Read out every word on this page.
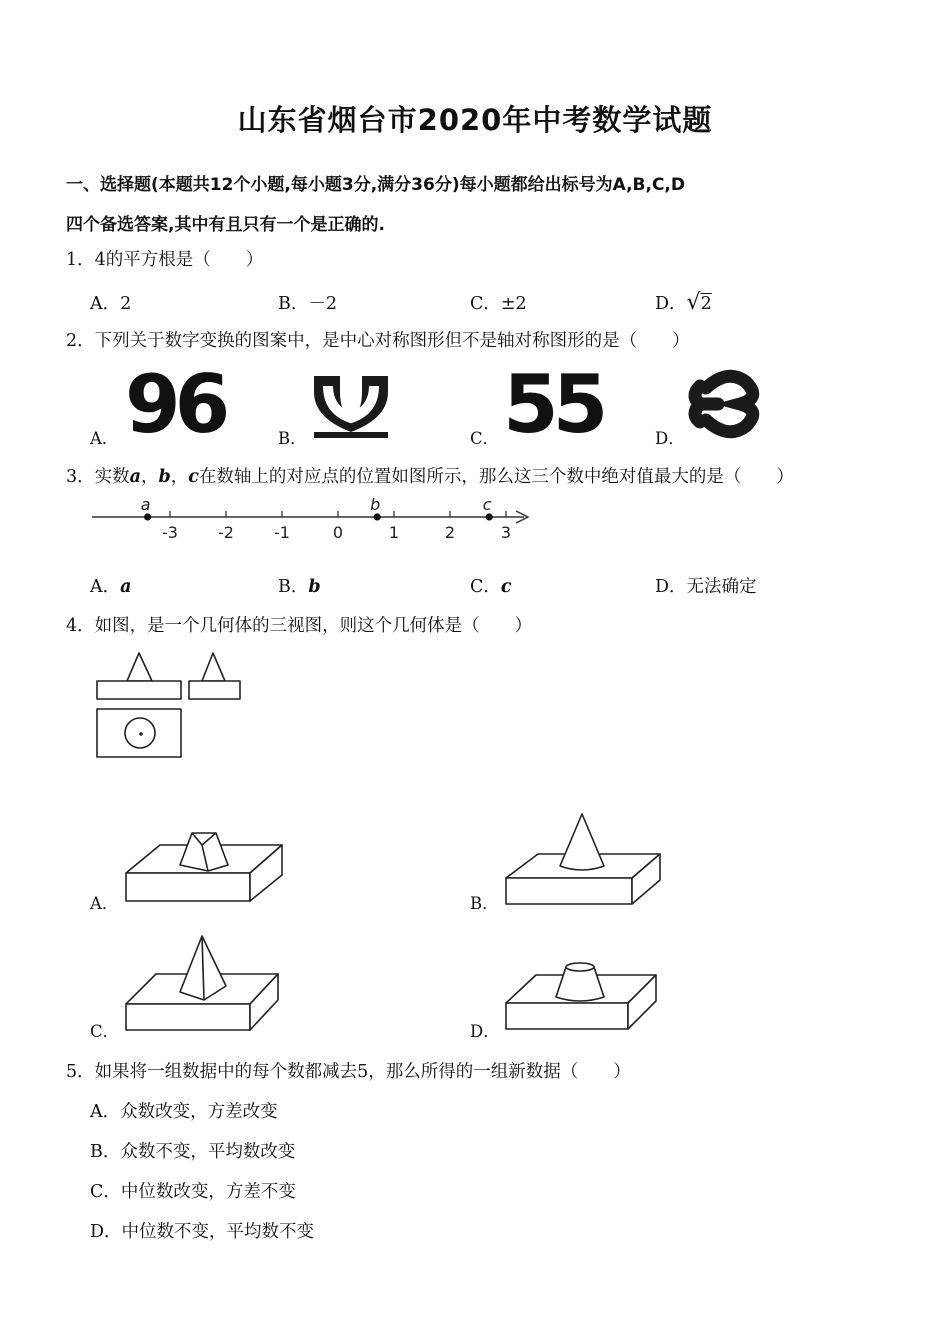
山东省烟台市2020年中考数学试题
一、选择题(本题共12个小题,每小题3分,满分36分)每小题都给出标号为A,B,C,D
四个备选答案,其中有且只有一个是正确的.
1．4的平方根是（　　）
A．2	B．－2	C．±2	D．√2
2．下列关于数字变换的图案中，是中心对称图形但不是轴对称图形的是（　　）
A． 96	B．	C． 55	D．
3．实数a，b，c在数轴上的对应点的位置如图所示，那么这三个数中绝对值最大的是（　　）
-3	-2	-1	0	1	2	3
a	b	c
A．a	B．b	C．c	D．无法确定
4．如图，是一个几何体的三视图，则这个几何体是（　　）
A．	B．
C．	D．
5．如果将一组数据中的每个数都减去5，那么所得的一组新数据（　　）
A．众数改变，方差改变
B．众数不变，平均数改变
C．中位数改变，方差不变
D．中位数不变，平均数不变
